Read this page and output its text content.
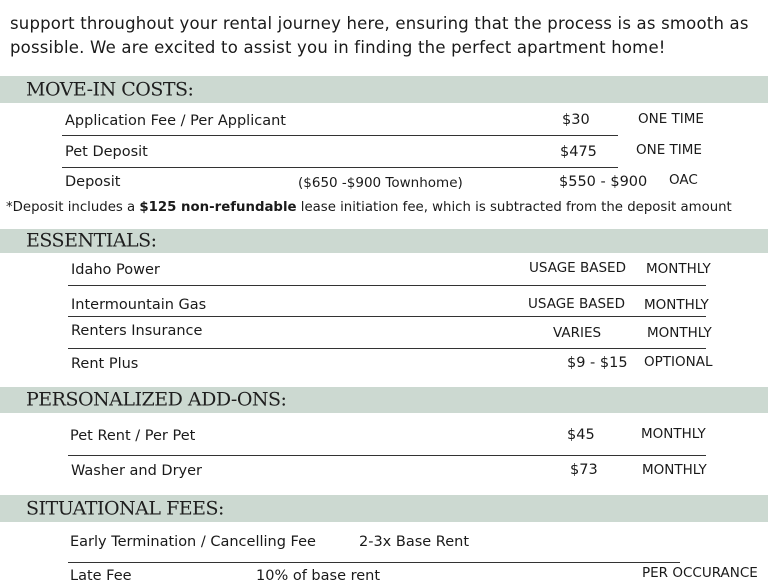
support throughout your rental journey here, ensuring that the process is as smooth as
possible. We are excited to assist you in finding the perfect apartment home!
MOVE-IN COSTS:
Application Fee / Per Applicant	$30	ONE TIME
Pet Deposit	$475	ONE TIME
Deposit	($650 -$900 Townhome)	$550 - $900 OAC
*Deposit includes a $125 non-refundable lease initiation fee, which is subtracted from the deposit amount
ESSENTIALS:
Idaho Power	USAGE BASED MONTHLY
Intermountain Gas	USAGE BASED MONTHLY
Renters Insurance	VARIES	MONTHLY
Rent Plus	$9 - $15 OPTIONAL
PERSONALIZED ADD-ONS:
Pet Rent / Per Pet	$45	MONTHLY
Washer and Dryer	$73	MONTHLY
SITUATIONAL FEES:
Early Termination / Cancelling Fee	2-3x Base Rent
Late Fee	10% of base rent	PER OCCURANCE
